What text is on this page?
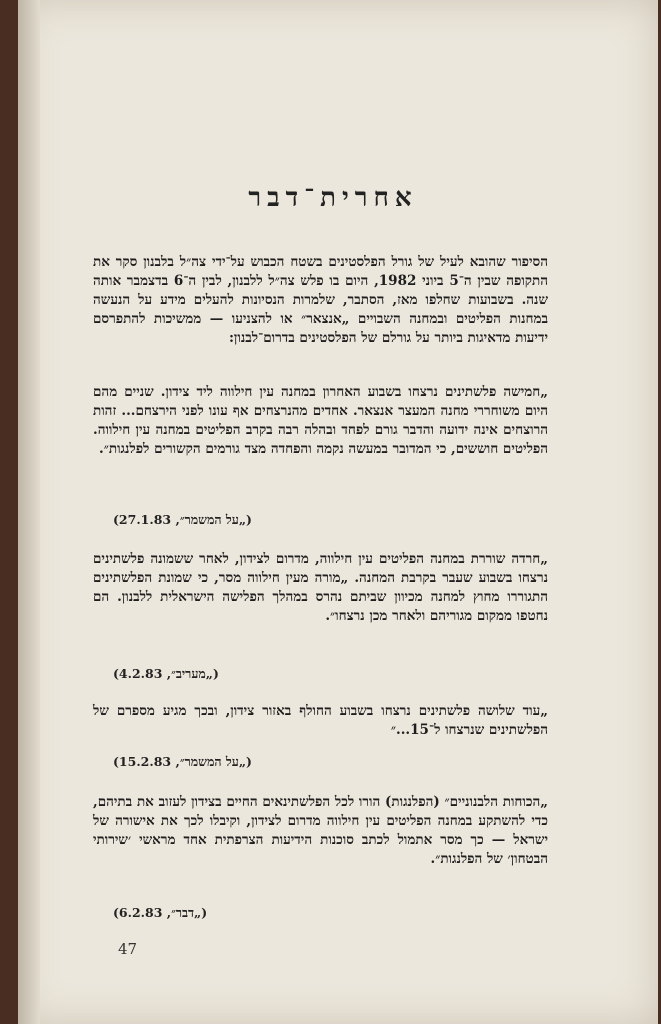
אחרית־דבר
הסיפור שהובא לעיל של גורל הפלסטינים בשטח הכבוש על־ידי צה״ל בלבנון סקר את התקופה שבין ה־5 ביוני 1982, היום בו פלש צה״ל ללבנון, לבין ה־6 בדצמבר אותה שנה. בשבועות שחלפו מאז, הסתבר, שלמרות הנסיונות להעלים מידע על הנעשה במחנות הפליטים ובמחנה השבויים „אנצאר״ או להצניעו — ממשיכות להתפרסם ידיעות מדאיגות ביותר על גורלם של הפלסטינים בדרום־לבנון:
„חמישה פלשתינים נרצחו בשבוע האחרון במחנה עין חילווה ליד צידון. שניים מהם היום משוחררי מחנה המעצר אנצאר. אחדים מהנרצחים אף עונו לפני הירצחם... זהות הרוצחים אינה ידועה והדבר גורם לפחד ובהלה רבה בקרב הפליטים במחנה עין חילווה. הפליטים חוששים, כי המדובר במעשה נקמה והפחדה מצד גורמים הקשורים לפלנגות״.
(„על המשמר״, 27.1.83)
„חרדה שוררת במחנה הפליטים עין חילווה, מדרום לצידון, לאחר ששמונה פלשתינים נרצחו בשבוע שעבר בקרבת המחנה. „מורה מעין חילווה מסר, כי שמונת הפלשתינים התגוררו מחוץ למחנה מכיוון שביתם נהרס במהלך הפלישה הישראלית ללבנון. הם נחטפו ממקום מגוריהם ולאחר מכן נרצחו״.
(„מעריב״, 4.2.83)
„עוד שלושה פלשתינים נרצחו בשבוע החולף באזור צידון, ובכך מגיע מספרם של הפלשתינים שנרצחו ל־15...״
(„על המשמר״, 15.2.83)
„הכוחות הלבנוניים״ (הפלנגות) הורו לכל הפלשתינאים החיים בצידון לעזוב את בתיהם, כדי להשתקע במחנה הפליטים עין חילווה מדרום לצידון, וקיבלו לכך את אישורה של ישראל — כך מסר אתמול לכתב סוכנות הידיעות הצרפתית אחד מראשי ׳שירותי הבטחון׳ של הפלנגות״.
(„דבר״, 6.2.83)
47
